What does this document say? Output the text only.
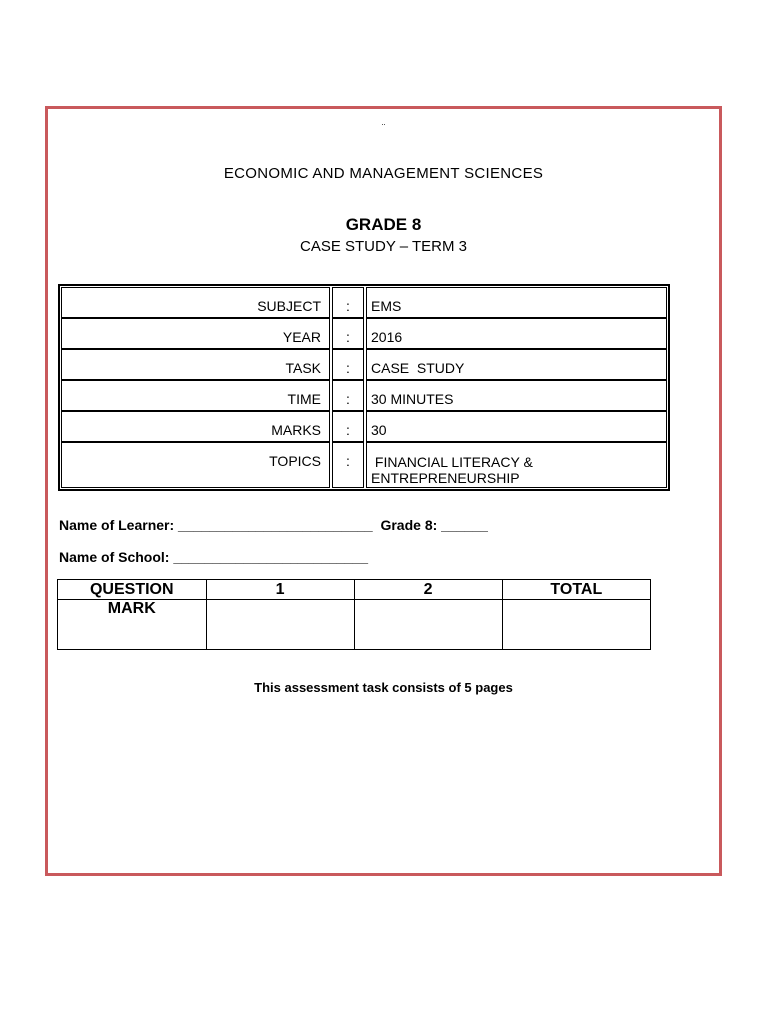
..
ECONOMIC AND MANAGEMENT SCIENCES
GRADE 8
CASE STUDY – TERM 3
SUBJECT	:	EMS
YEAR	:	2016
TASK	:	CASE  STUDY
TIME	:	30 MINUTES
MARKS	:	30
TOPICS	:	FINANCIAL LITERACY &
ENTREPRENEURSHIP
Name of Learner: _________________________  Grade 8: ______
Name of School: _________________________
QUESTION	1	2	TOTAL
MARK			
This assessment task consists of 5 pages
